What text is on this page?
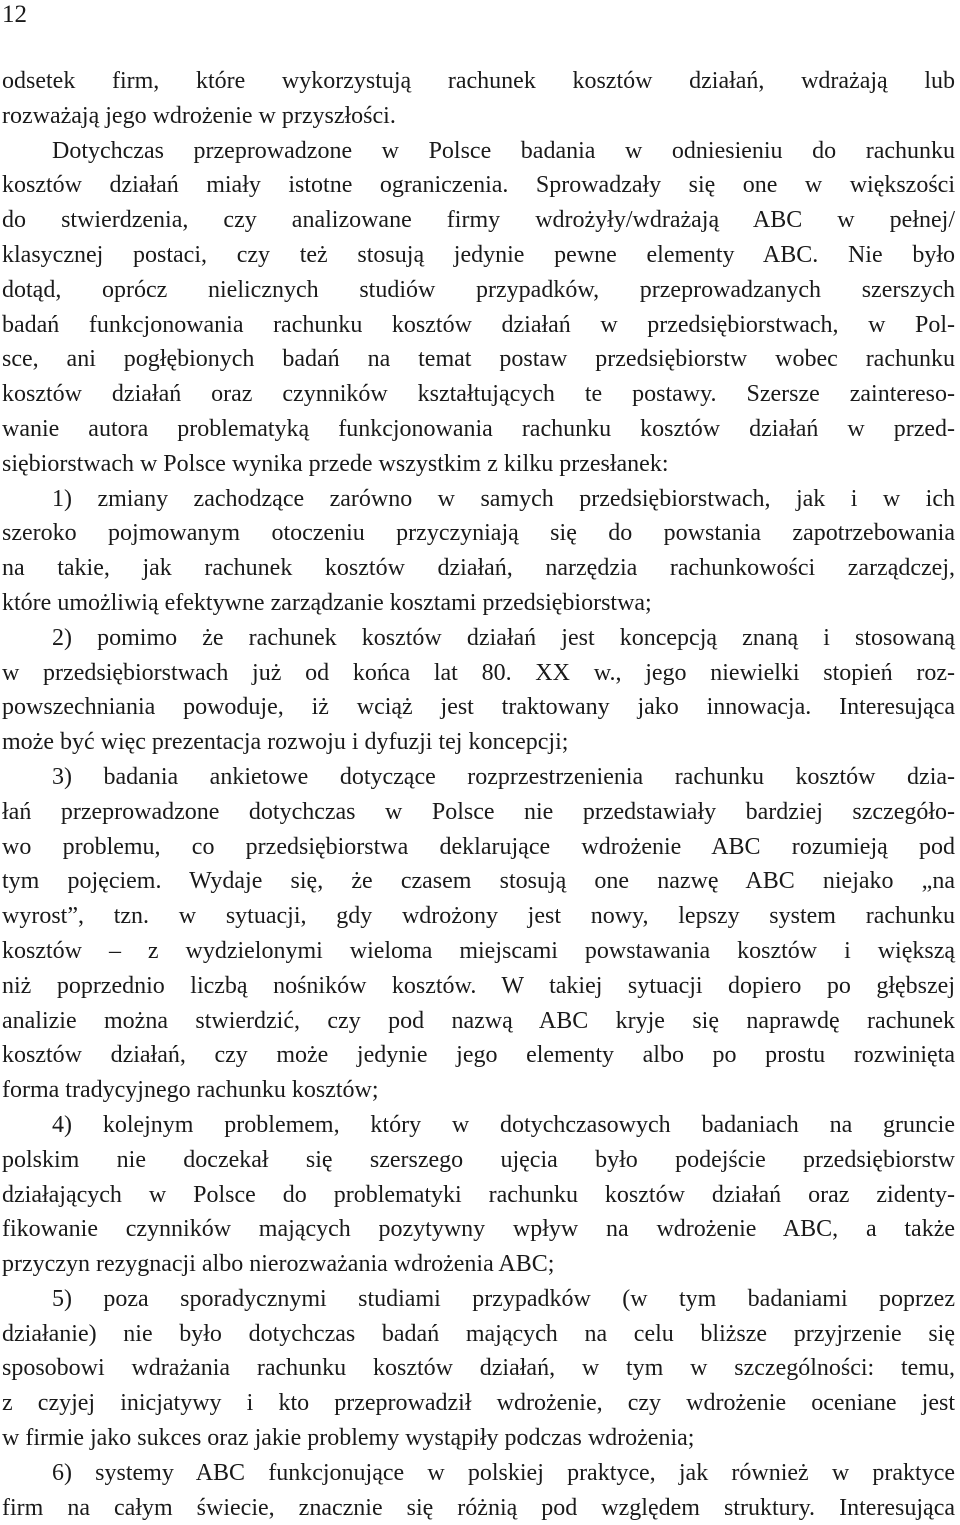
12

odsetek firm, które wykorzystują rachunek kosztów działań, wdrażają lub

rozważają jego wdrożenie w przyszłości.

Dotychczas przeprowadzone w Polsce badania w odniesieniu do rachunku

kosztów działań miały istotne ograniczenia. Sprowadzały się one w większości

do stwierdzenia, czy analizowane firmy wdrożyły/wdrażają ABC w pełnej/

klasycznej postaci, czy też stosują jedynie pewne elementy ABC. Nie było

dotąd, oprócz nielicznych studiów przypadków, przeprowadzanych szerszych

badań funkcjonowania rachunku kosztów działań w przedsiębiorstwach, w Pol-

sce, ani pogłębionych badań na temat postaw przedsiębiorstw wobec rachunku

kosztów działań oraz czynników kształtujących te postawy. Szersze zaintereso-

wanie autora problematyką funkcjonowania rachunku kosztów działań w przed-

siębiorstwach w Polsce wynika przede wszystkim z kilku przesłanek:

1) zmiany zachodzące zarówno w samych przedsiębiorstwach, jak i w ich

szeroko pojmowanym otoczeniu przyczyniają się do powstania zapotrzebowania

na takie, jak rachunek kosztów działań, narzędzia rachunkowości zarządczej,

które umożliwią efektywne zarządzanie kosztami przedsiębiorstwa;

2) pomimo że rachunek kosztów działań jest koncepcją znaną i stosowaną

w przedsiębiorstwach już od końca lat 80. XX w., jego niewielki stopień roz-

powszechniania powoduje, iż wciąż jest traktowany jako innowacja. Interesująca

może być więc prezentacja rozwoju i dyfuzji tej koncepcji;

3) badania ankietowe dotyczące rozprzestrzenienia rachunku kosztów dzia-

łań przeprowadzone dotychczas w Polsce nie przedstawiały bardziej szczegóło-

wo problemu, co przedsiębiorstwa deklarujące wdrożenie ABC rozumieją pod

tym pojęciem. Wydaje się, że czasem stosują one nazwę ABC niejako „na

wyrost”, tzn. w sytuacji, gdy wdrożony jest nowy, lepszy system rachunku

kosztów – z wydzielonymi wieloma miejscami powstawania kosztów i większą

niż poprzednio liczbą nośników kosztów. W takiej sytuacji dopiero po głębszej

analizie można stwierdzić, czy pod nazwą ABC kryje się naprawdę rachunek

kosztów działań, czy może jedynie jego elementy albo po prostu rozwinięta

forma tradycyjnego rachunku kosztów;

4) kolejnym problemem, który w dotychczasowych badaniach na gruncie

polskim nie doczekał się szerszego ujęcia było podejście przedsiębiorstw

działających w Polsce do problematyki rachunku kosztów działań oraz zidenty-

fikowanie czynników mających pozytywny wpływ na wdrożenie ABC, a także

przyczyn rezygnacji albo nierozważania wdrożenia ABC;

5) poza sporadycznymi studiami przypadków (w tym badaniami poprzez

działanie) nie było dotychczas badań mających na celu bliższe przyjrzenie się

sposobowi wdrażania rachunku kosztów działań, w tym w szczególności: temu,

z czyjej inicjatywy i kto przeprowadził wdrożenie, czy wdrożenie oceniane jest

w firmie jako sukces oraz jakie problemy wystąpiły podczas wdrożenia;

6) systemy ABC funkcjonujące w polskiej praktyce, jak również w praktyce

firm na całym świecie, znacznie się różnią pod względem struktury. Interesująca
